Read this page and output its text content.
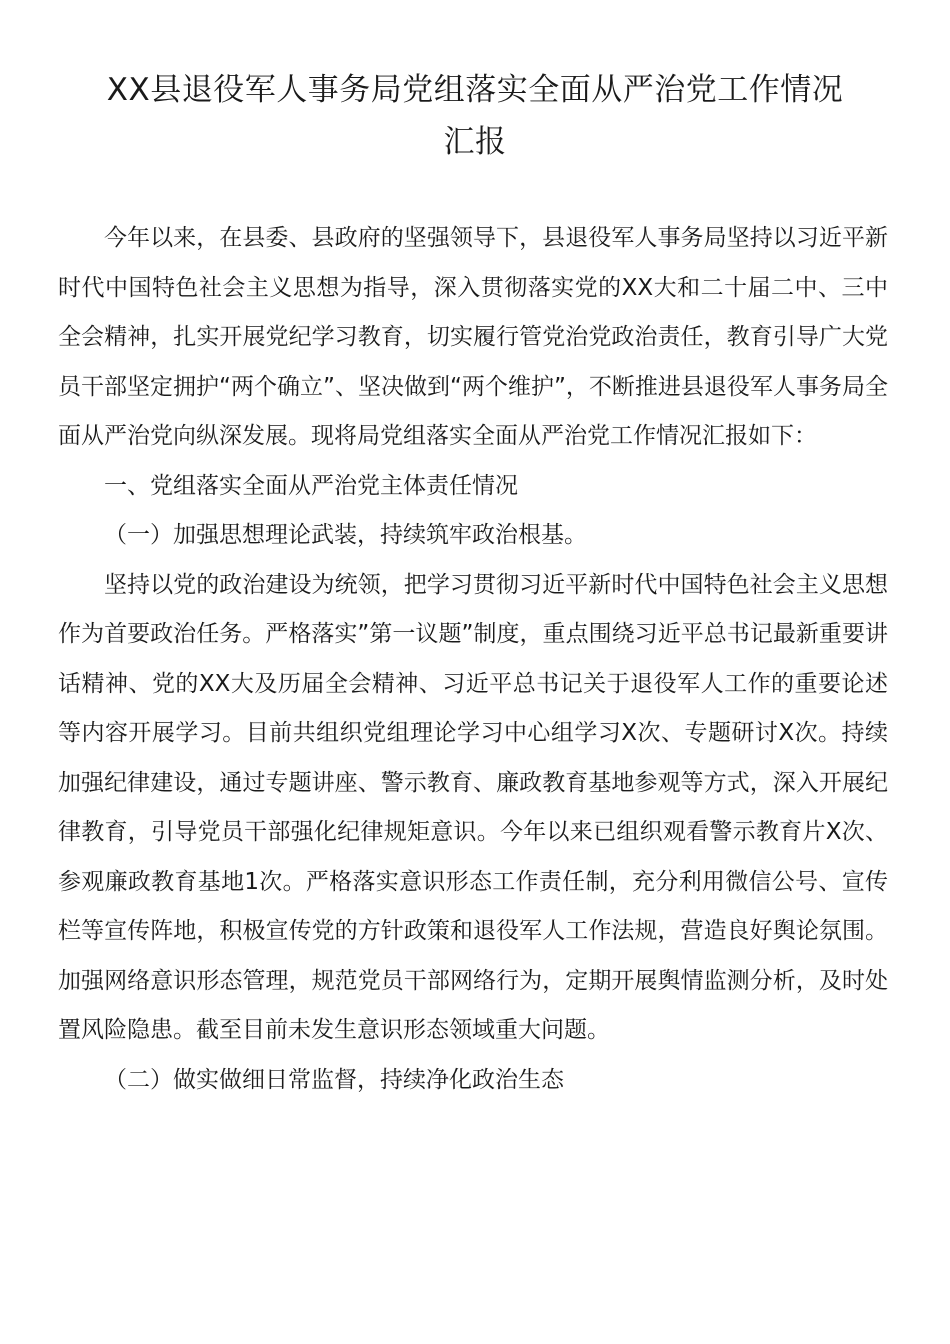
XX县退役军人事务局党组落实全面从严治党工作情况
汇报

今年以来，在县委、县政府的坚强领导下，县退役军人事务局坚持以习近平新时代中国特色社会主义思想为指导，深入贯彻落实党的XX大和二十届二中、三中全会精神，扎实开展党纪学习教育，切实履行管党治党政治责任，教育引导广大党员干部坚定拥护“两个确立”、坚决做到“两个维护”，不断推进县退役军人事务局全面从严治党向纵深发展。现将局党组落实全面从严治党工作情况汇报如下：

一、党组落实全面从严治党主体责任情况

（一）加强思想理论武装，持续筑牢政治根基。

坚持以党的政治建设为统领，把学习贯彻习近平新时代中国特色社会主义思想作为首要政治任务。严格落实”第一议题”制度，重点围绕习近平总书记最新重要讲话精神、党的XX大及历届全会精神、习近平总书记关于退役军人工作的重要论述等内容开展学习。目前共组织党组理论学习中心组学习X次、专题研讨X次。持续加强纪律建设，通过专题讲座、警示教育、廉政教育基地参观等方式，深入开展纪律教育，引导党员干部强化纪律规矩意识。今年以来已组织观看警示教育片X次、参观廉政教育基地1次。严格落实意识形态工作责任制，充分利用微信公号、宣传栏等宣传阵地，积极宣传党的方针政策和退役军人工作法规，营造良好舆论氛围。加强网络意识形态管理，规范党员干部网络行为，定期开展舆情监测分析，及时处置风险隐患。截至目前未发生意识形态领域重大问题。

（二）做实做细日常监督，持续净化政治生态
